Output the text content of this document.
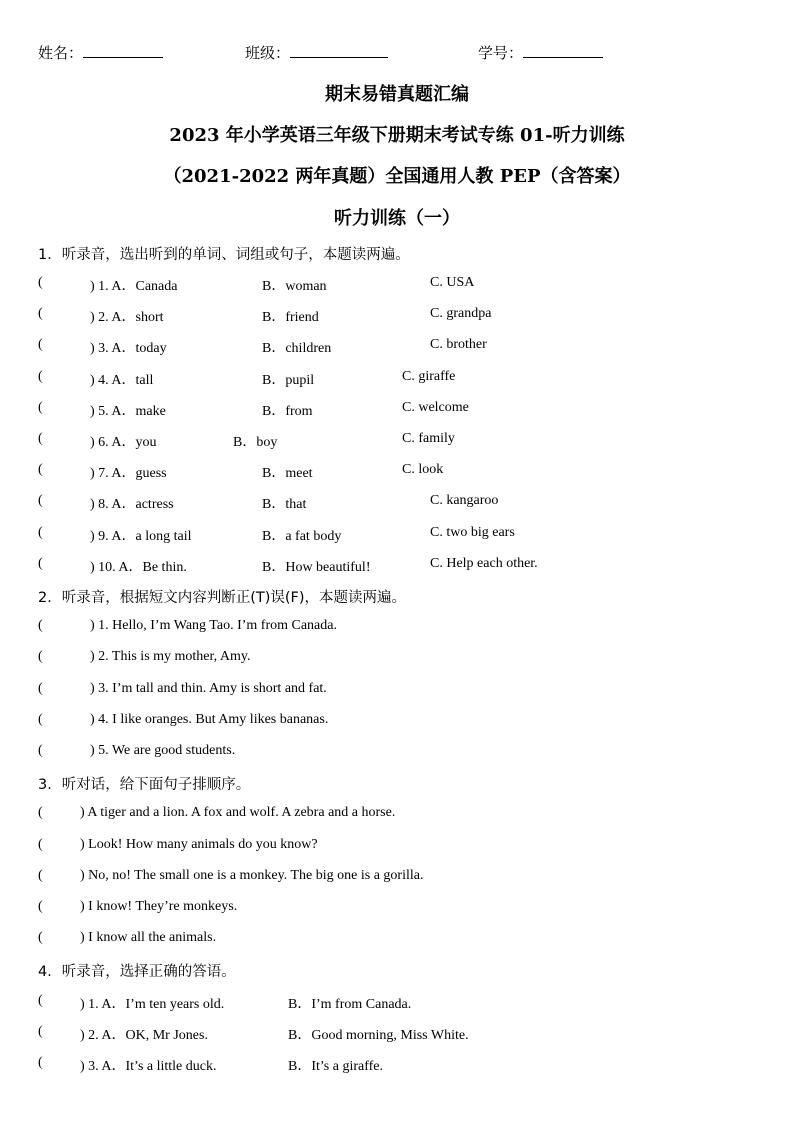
姓名：	班级：	学号：
期末易错真题汇编
2023 年小学英语三年级下册期末考试专练 01-听力训练
（2021-2022 两年真题）全国通用人教 PEP（含答案）
听力训练（一）
1．听录音，选出听到的单词、词组或句子，本题读两遍。
(	) 1. A．Canada	B．woman	C. USA
(	) 2. A．short	B．friend	C. grandpa
(	) 3. A．today	B．children	C. brother
(	) 4. A．tall	B．pupil	C. giraffe
(	) 5. A．make	B．from	C. welcome
(	) 6. A．you	B．boy	C. family
(	) 7. A．guess	B．meet	C. look
(	) 8. A．actress	B．that	C. kangaroo
(	) 9. A．a long tail	B．a fat body	C. two big ears
(	) 10. A．Be thin.	B．How beautiful!	C. Help each other.
2．听录音，根据短文内容判断正(T)误(F)，本题读两遍。
(	) 1. Hello, I’m Wang Tao. I’m from Canada.
(	) 2. This is my mother, Amy.
(	) 3. I’m tall and thin. Amy is short and fat.
(	) 4. I like oranges. But Amy likes bananas.
(	) 5. We are good students.
3．听对话，给下面句子排顺序。
(	) A tiger and a lion. A fox and wolf. A zebra and a horse.
(	) Look! How many animals do you know?
(	) No, no! The small one is a monkey. The big one is a gorilla.
(	) I know! They’re monkeys.
(	) I know all the animals.
4．听录音，选择正确的答语。
(	) 1. A．I’m ten years old.	B．I’m from Canada.
(	) 2. A．OK, Mr Jones.	B．Good morning, Miss White.
(	) 3. A．It’s a little duck.	B．It’s a giraffe.
